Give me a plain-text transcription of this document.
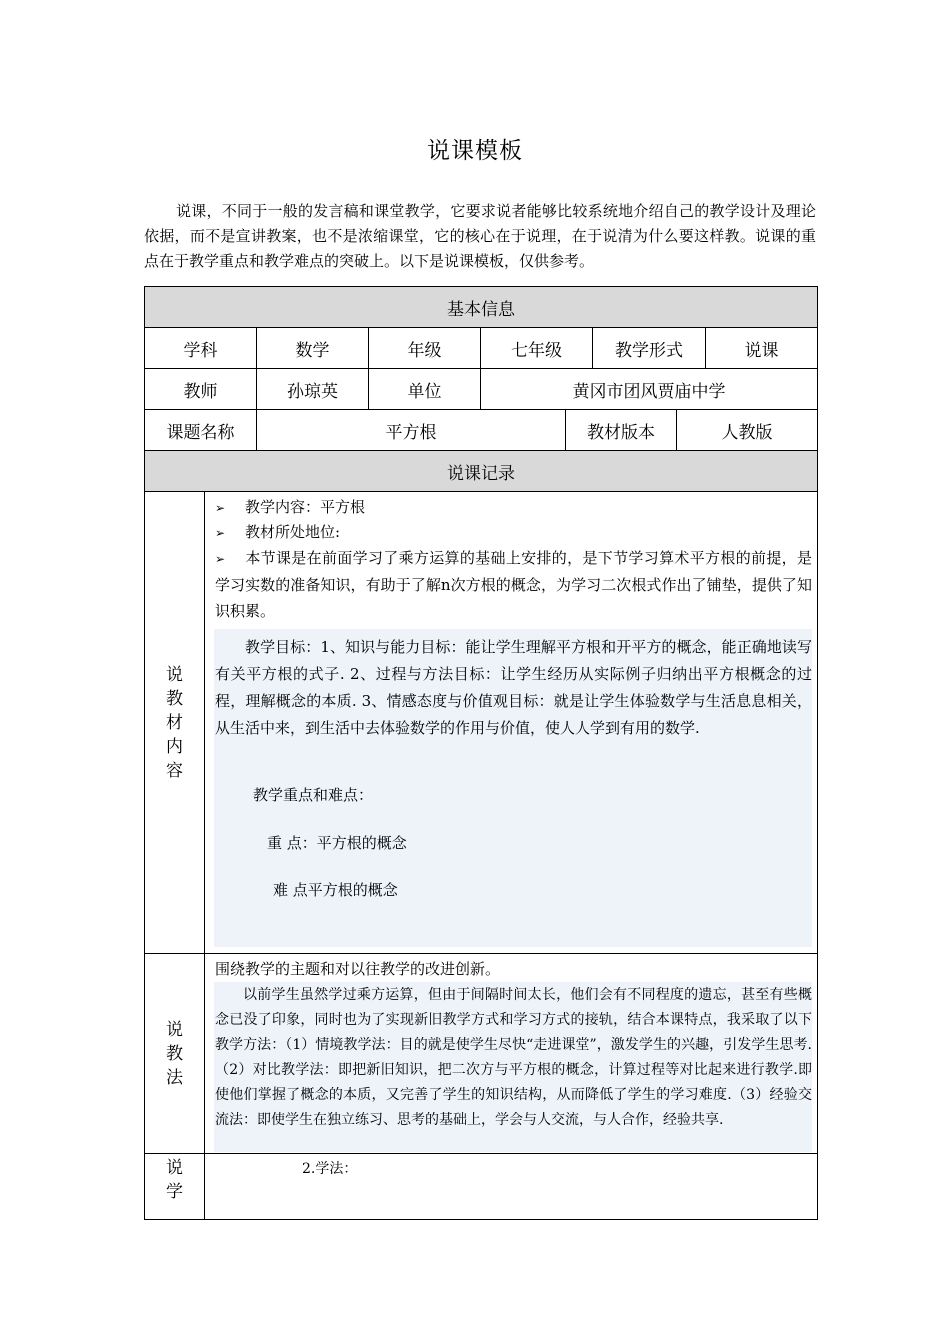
说课模板
说课，不同于一般的发言稿和课堂教学，它要求说者能够比较系统地介绍自己的教学设计及理论依据，而不是宣讲教案，也不是浓缩课堂，它的核心在于说理，在于说清为什么要这样教。说课的重点在于教学重点和教学难点的突破上。以下是说课模板，仅供参考。
基本信息
学科	数学	年级	七年级	教学形式	说课
教师	孙琼英	单位	黄冈市团风贾庙中学
课题名称	平方根	教材版本	人教版
说课记录
说教材内容
➢ 教学内容：平方根
➢ 教材所处地位:
➢ 本节课是在前面学习了乘方运算的基础上安排的，是下节学习算术平方根的前提，是学习实数的准备知识，有助于了解n次方根的概念，为学习二次根式作出了铺垫，提供了知识积累。
教学目标：1、知识与能力目标：能让学生理解平方根和开平方的概念，能正确地读写有关平方根的式子. 2、过程与方法目标：让学生经历从实际例子归纳出平方根概念的过程，理解概念的本质. 3、情感态度与价值观目标：就是让学生体验数学与生活息息相关，从生活中来，到生活中去体验数学的作用与价值，使人人学到有用的数学.
教学重点和难点：
重 点：平方根的概念
难 点平方根的概念
说教法
围绕教学的主题和对以往教学的改进创新。
以前学生虽然学过乘方运算，但由于间隔时间太长，他们会有不同程度的遗忘，甚至有些概念已没了印象，同时也为了实现新旧教学方式和学习方式的接轨，结合本课特点，我采取了以下教学方法：（1）情境教学法：目的就是使学生尽快“走进课堂”，激发学生的兴趣，引发学生思考.（2）对比教学法：即把新旧知识，把二次方与平方根的概念，计算过程等对比起来进行教学.即使他们掌握了概念的本质，又完善了学生的知识结构，从而降低了学生的学习难度.（3）经验交流法：即使学生在独立练习、思考的基础上，学会与人交流，与人合作，经验共享.
说学
2.学法：
